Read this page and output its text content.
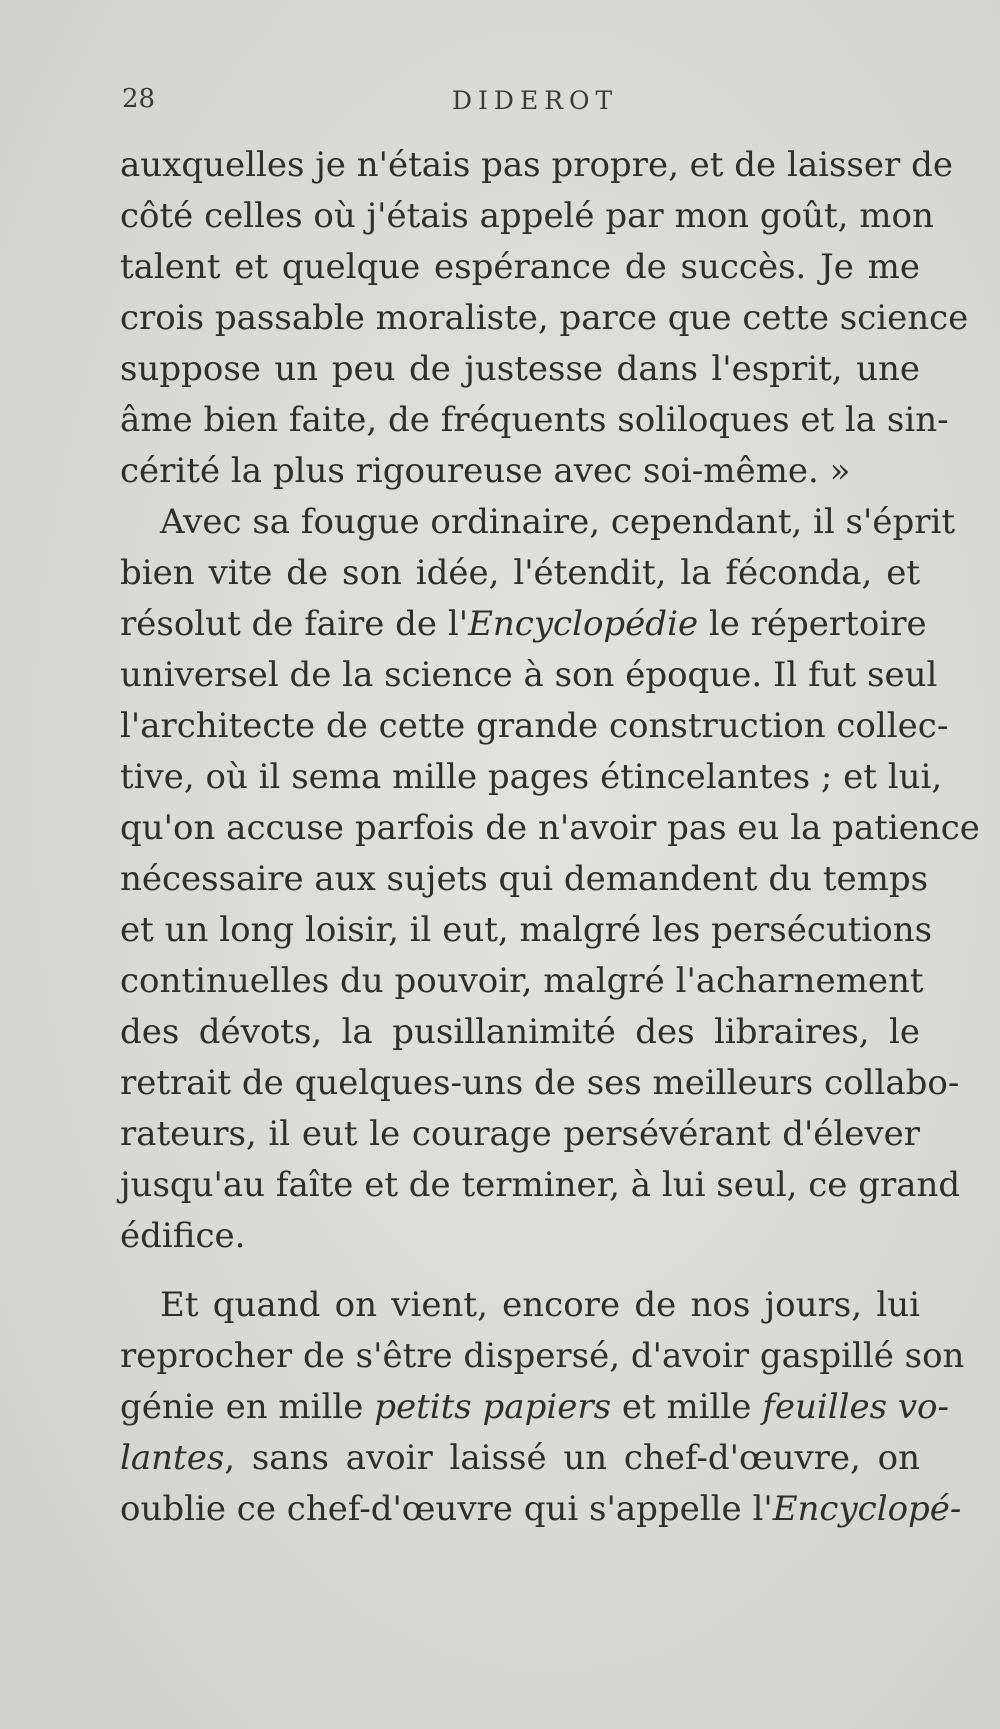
28	DIDEROT
auxquelles je n'étais pas propre, et de laisser de
côté celles où j'étais appelé par mon goût, mon
talent et quelque espérance de succès. Je me
crois passable moraliste, parce que cette science
suppose un peu de justesse dans l'esprit, une
âme bien faite, de fréquents soliloques et la sin-
cérité la plus rigoureuse avec soi-même. »
Avec sa fougue ordinaire, cependant, il s'éprit
bien vite de son idée, l'étendit, la féconda, et
résolut de faire de l'Encyclopédie le répertoire
universel de la science à son époque. Il fut seul
l'architecte de cette grande construction collec-
tive, où il sema mille pages étincelantes ; et lui,
qu'on accuse parfois de n'avoir pas eu la patience
nécessaire aux sujets qui demandent du temps
et un long loisir, il eut, malgré les persécutions
continuelles du pouvoir, malgré l'acharnement
des dévots, la pusillanimité des libraires, le
retrait de quelques-uns de ses meilleurs collabo-
rateurs, il eut le courage persévérant d'élever
jusqu'au faîte et de terminer, à lui seul, ce grand
édifice.
Et quand on vient, encore de nos jours, lui
reprocher de s'être dispersé, d'avoir gaspillé son
génie en mille petits papiers et mille feuilles vo-
lantes, sans avoir laissé un chef-d'œuvre, on
oublie ce chef-d'œuvre qui s'appelle l'Encyclopé-
